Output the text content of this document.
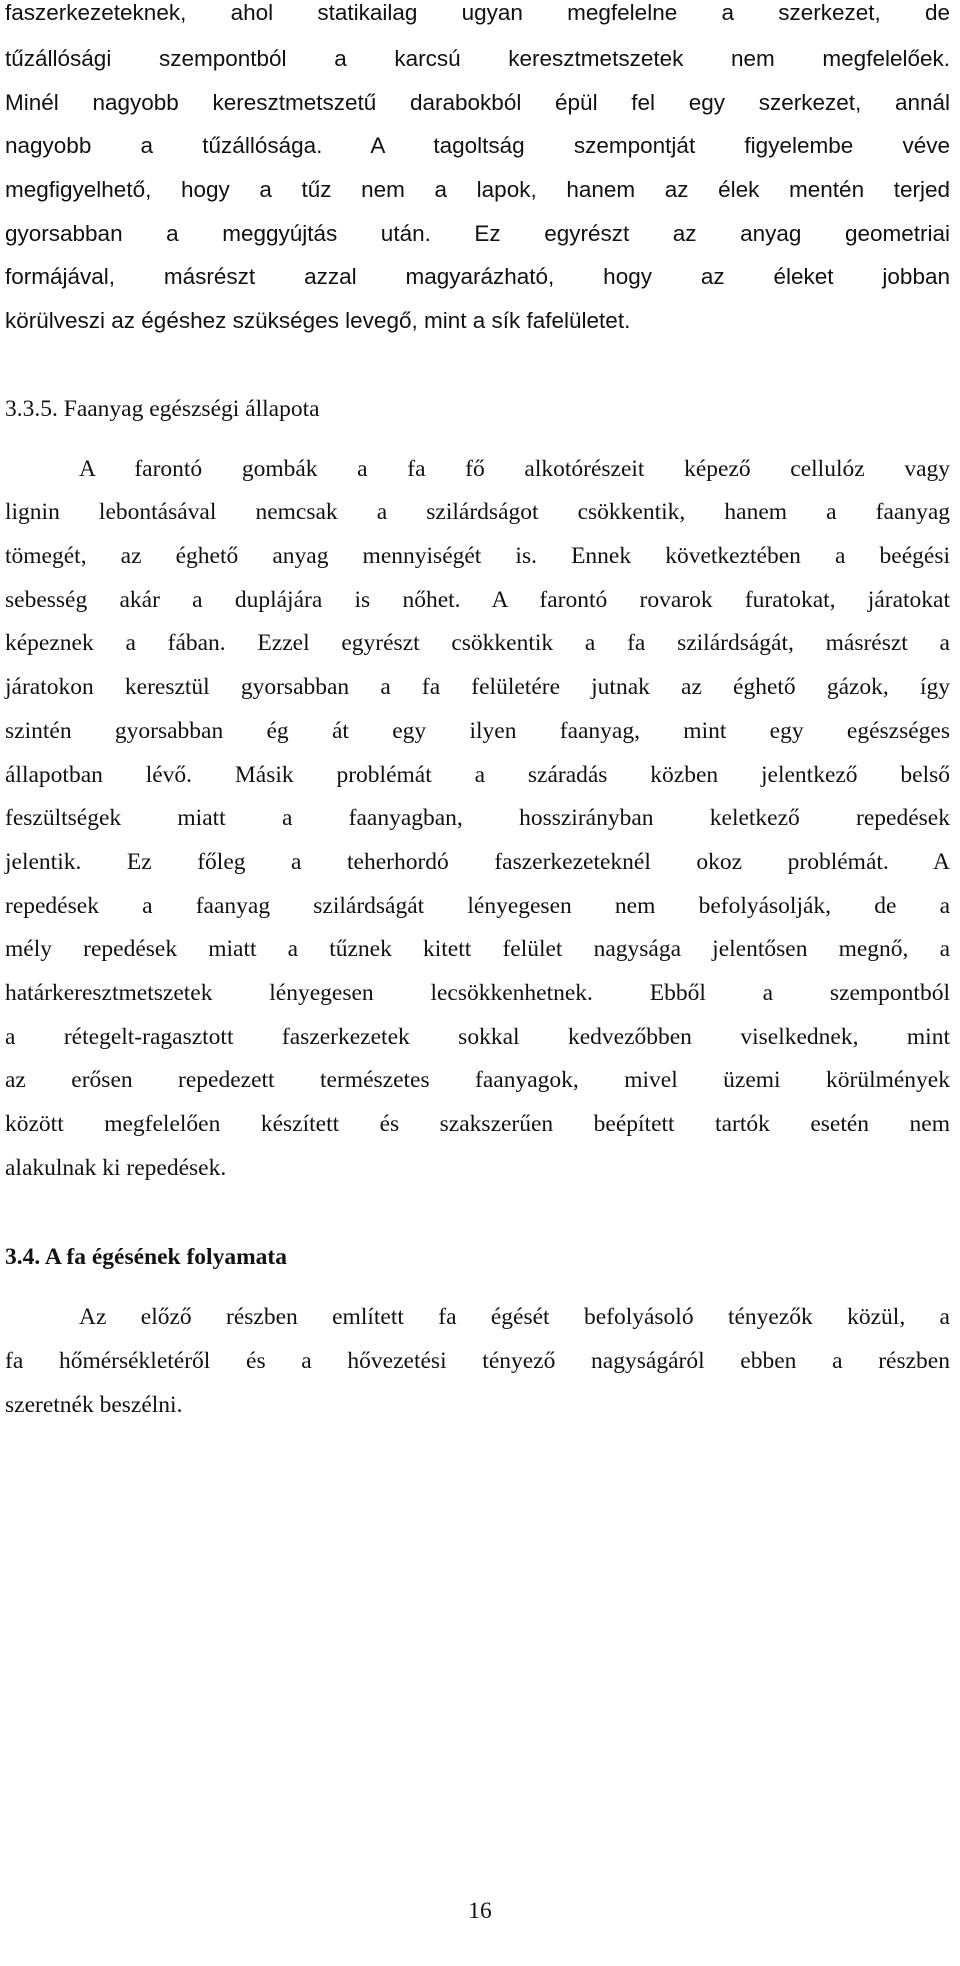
faszerkezeteknek, ahol statikailag ugyan megfelelne a szerkezet, de
tűzállósági szempontból a karcsú keresztmetszetek nem megfelelőek.
Minél nagyobb keresztmetszetű darabokból épül fel egy szerkezet, annál
nagyobb a tűzállósága. A tagoltság szempontját figyelembe véve
megfigyelhető, hogy a tűz nem a lapok, hanem az élek mentén terjed
gyorsabban a meggyújtás után. Ez egyrészt az anyag geometriai
formájával, másrészt azzal magyarázható, hogy az éleket jobban
körülveszi az égéshez szükséges levegő, mint a sík fafelületet.
3.3.5. Faanyag egészségi állapota
A farontó gombák a fa fő alkotórészeit képező cellulóz vagy
lignin lebontásával nemcsak a szilárdságot csökkentik, hanem a faanyag
tömegét, az éghető anyag mennyiségét is. Ennek következtében a beégési
sebesség akár a duplájára is nőhet. A farontó rovarok furatokat, járatokat
képeznek a fában. Ezzel egyrészt csökkentik a fa szilárdságát, másrészt a
járatokon keresztül gyorsabban a fa felületére jutnak az éghető gázok, így
szintén gyorsabban ég át egy ilyen faanyag, mint egy egészséges
állapotban lévő. Másik problémát a száradás közben jelentkező belső
feszültségek miatt a faanyagban, hosszirányban keletkező repedések
jelentik. Ez főleg a teherhordó faszerkezeteknél okoz problémát. A
repedések a faanyag szilárdságát lényegesen nem befolyásolják, de a
mély repedések miatt a tűznek kitett felület nagysága jelentősen megnő, a
határkeresztmetszetek lényegesen lecsökkenhetnek. Ebből a szempontból
a rétegelt-ragasztott faszerkezetek sokkal kedvezőbben viselkednek, mint
az erősen repedezett természetes faanyagok, mivel üzemi körülmények
között megfelelően készített és szakszerűen beépített tartók esetén nem
alakulnak ki repedések.
3.4. A fa égésének folyamata
Az előző részben említett fa égését befolyásoló tényezők közül, a
fa hőmérsékletéről és a hővezetési tényező nagyságáról ebben a részben
szeretnék beszélni.
16
